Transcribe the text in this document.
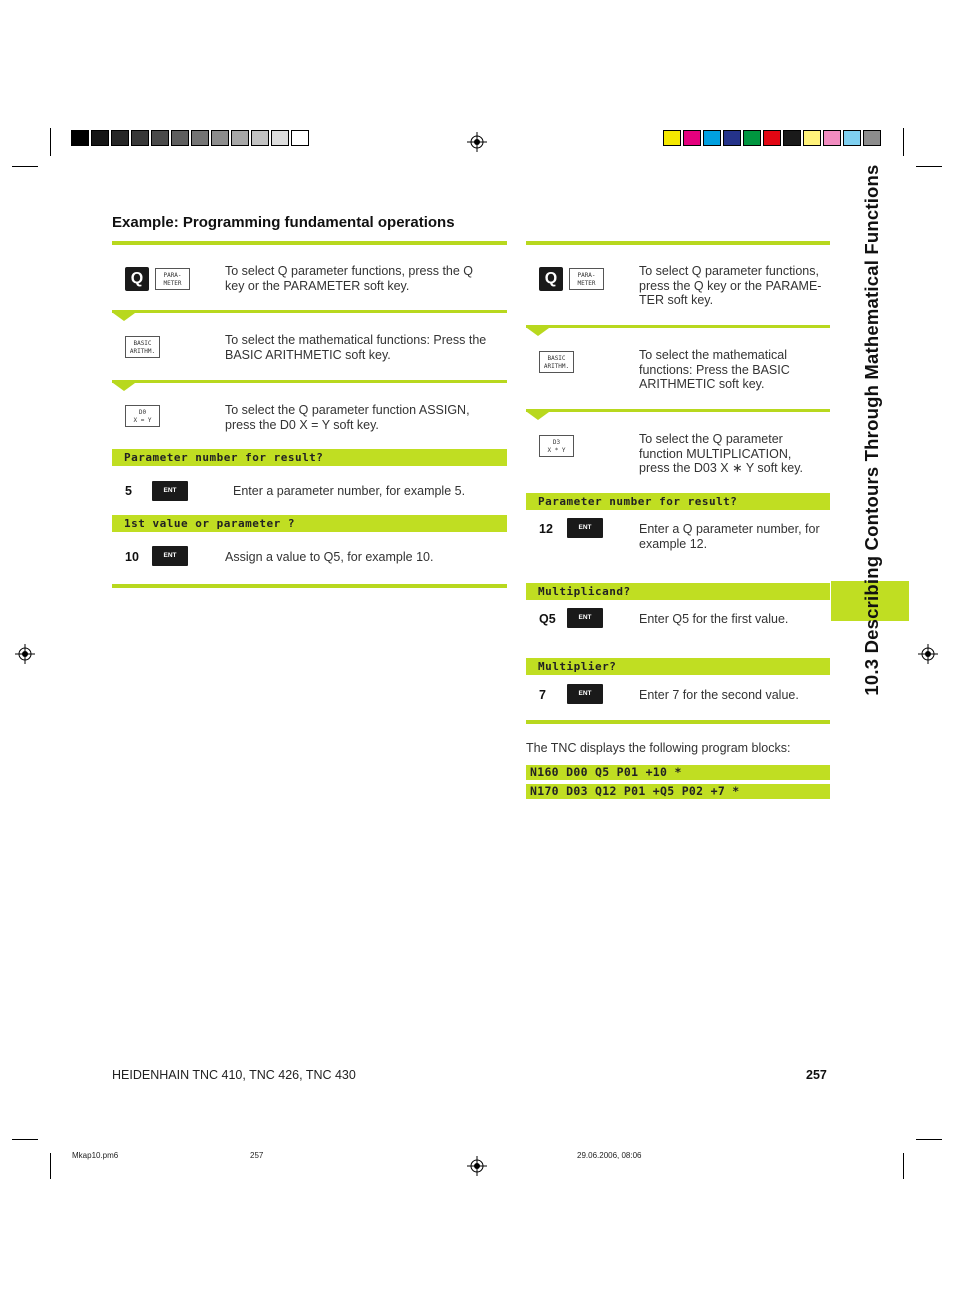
10.3 Describing Contours Through Mathematical Functions
Example: Programming fundamental operations
Q	PARA-
METER
To select Q parameter functions, press the Q key or the PARAMETER soft key.
BASIC
ARITHM.
To select the mathematical functions: Press the BASIC ARITHMETIC soft key.
D0
X = Y
To select the Q parameter function ASSIGN, press the D0 X = Y soft key.
Parameter number for result?
5	ENT	Enter a parameter number, for example 5.
1st value or parameter ?
10	ENT	Assign a value to Q5, for example 10.
Q	PARA-
METER
To select Q parameter functions, press the Q key or the PARAME-TER soft key.
BASIC
ARITHM.
To select the mathematical functions: Press the BASIC ARITHMETIC soft key.
D3
X * Y
To select the Q parameter function MULTIPLICATION, press the D03 X ∗ Y soft key.
Parameter number for result?
12	ENT	Enter a Q parameter number, for example 12.
Multiplicand?
Q5	ENT	Enter Q5 for the first value.
Multiplier?
7	ENT	Enter 7 for the second value.
The TNC displays the following program blocks:
N160 D00 Q5 P01 +10 *
N170 D03 Q12 P01 +Q5 P02 +7 *
HEIDENHAIN TNC 410, TNC 426, TNC 430	257
Mkap10.pm6	257	29.06.2006, 08:06
